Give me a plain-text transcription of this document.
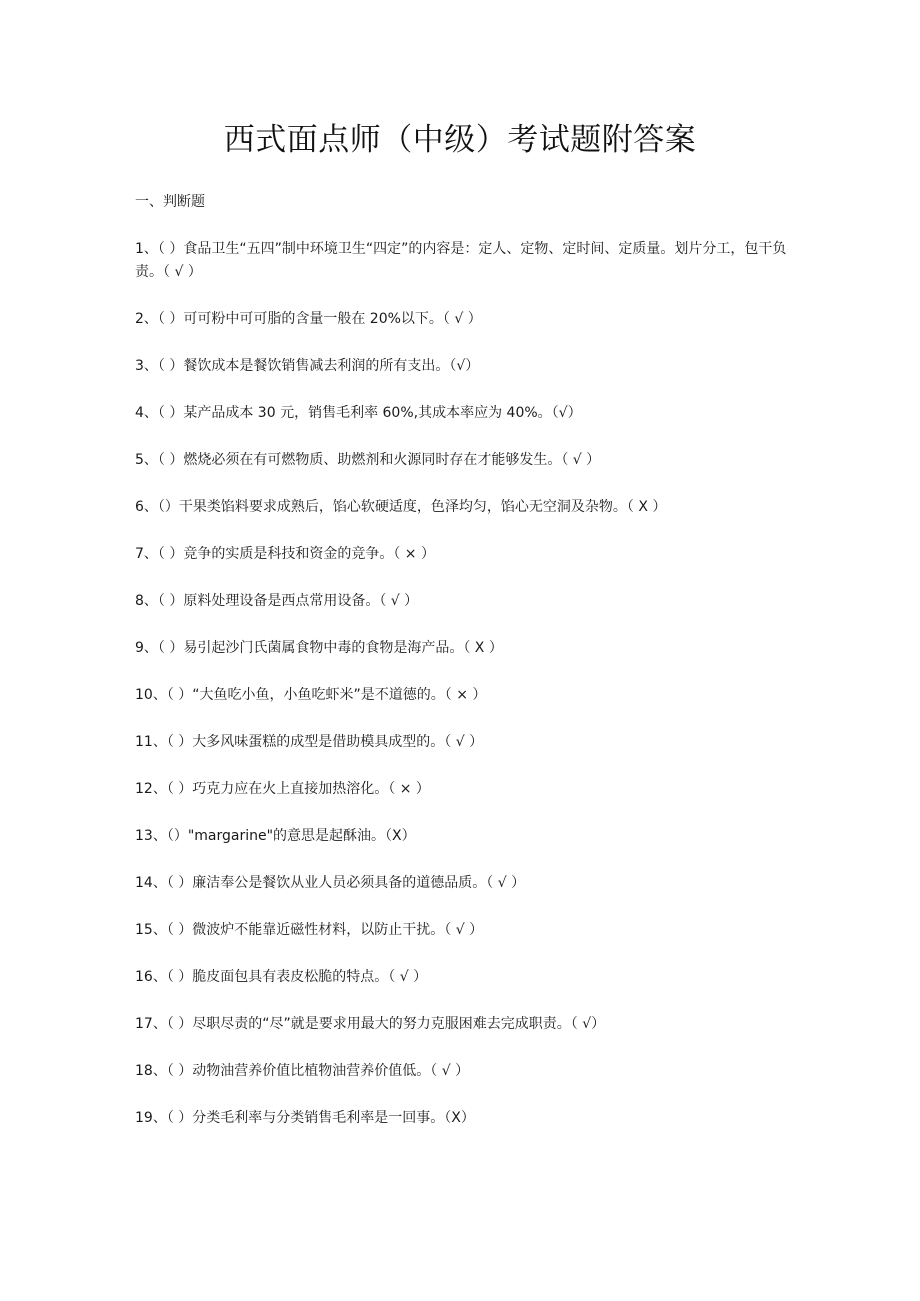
西式面点师（中级）考试题附答案
一、判断题
1、（ ）食品卫生“五四”制中环境卫生“四定”的内容是：定人、定物、定时间、定质量。划片分工，包干负责。（ √ ）
2、（ ）可可粉中可可脂的含量一般在 20%以下。（ √ ）
3、（ ）餐饮成本是餐饮销售减去利润的所有支出。（√）
4、（ ）某产品成本 30 元，销售毛利率 60%,其成本率应为 40%。（√）
5、（ ）燃烧必须在有可燃物质、助燃剂和火源同时存在才能够发生。（ √ ）
6、（）干果类馅料要求成熟后，馅心软硬适度，色泽均匀，馅心无空洞及杂物。（ X ）
7、（ ）竞争的实质是科技和资金的竞争。（ × ）
8、（ ）原料处理设备是西点常用设备。（ √ ）
9、（ ）易引起沙门氏菌属食物中毒的食物是海产品。（ X ）
10、（ ）“大鱼吃小鱼，小鱼吃虾米”是不道德的。（ × ）
11、（ ）大多风味蛋糕的成型是借助模具成型的。（ √ ）
12、（ ）巧克力应在火上直接加热溶化。（ × ）
13、（）"margarine"的意思是起酥油。（X）
14、（ ）廉洁奉公是餐饮从业人员必须具备的道德品质。（ √ ）
15、（ ）微波炉不能靠近磁性材料，以防止干扰。（ √ ）
16、（ ）脆皮面包具有表皮松脆的特点。（ √ ）
17、（ ）尽职尽责的“尽”就是要求用最大的努力克服困难去完成职责。（ √）
18、（ ）动物油营养价值比植物油营养价值低。（ √ ）
19、（ ）分类毛利率与分类销售毛利率是一回事。（X）
